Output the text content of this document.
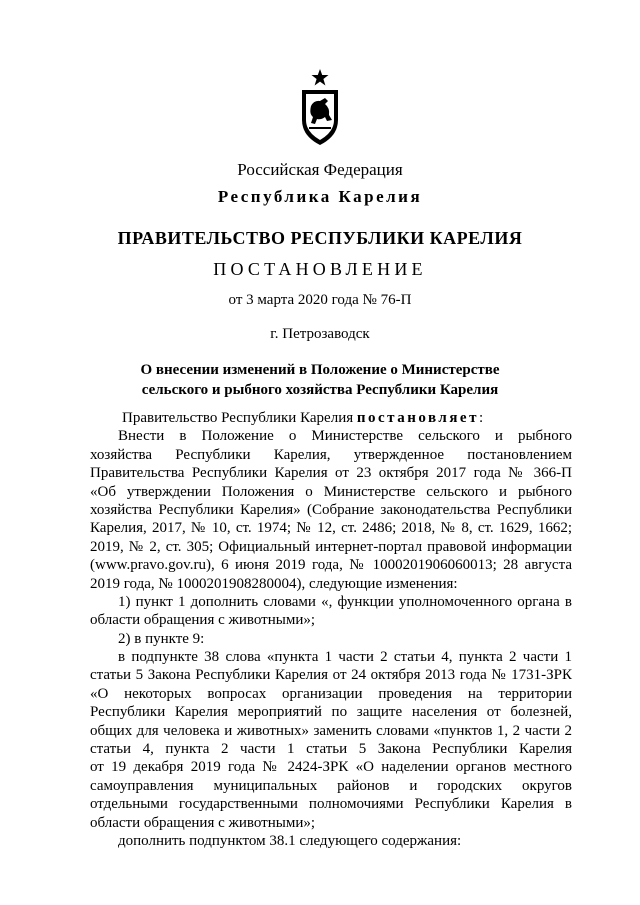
Российская Федерация
Республика Карелия
ПРАВИТЕЛЬСТВО РЕСПУБЛИКИ КАРЕЛИЯ
ПОСТАНОВЛЕНИЕ
от 3 марта 2020 года № 76-П
г. Петрозаводск
О внесении изменений в Положение о Министерстве
сельского и рыбного хозяйства Республики Карелия
Правительство Республики Карелия постановляет:
Внести в Положение о Министерстве сельского и рыбного
хозяйства Республики Карелия, утвержденное постановлением
Правительства Республики Карелия от 23 октября 2017 года № 366-П
«Об утверждении Положения о Министерстве сельского и рыбного
хозяйства Республики Карелия» (Собрание законодательства Республики
Карелия, 2017, № 10, ст. 1974; № 12, ст. 2486; 2018, № 8, ст. 1629, 1662;
2019, № 2, ст. 305; Официальный интернет-портал правовой информации
(www.pravo.gov.ru), 6 июня 2019 года, № 1000201906060013; 28 августа
2019 года, № 1000201908280004), следующие изменения:
1) пункт 1 дополнить словами «, функции уполномоченного органа в
области обращения с животными»;
2) в пункте 9:
в подпункте 38 слова «пункта 1 части 2 статьи 4, пункта 2 части 1
статьи 5 Закона Республики Карелия от 24 октября 2013 года № 1731-ЗРК
«О некоторых вопросах организации проведения на территории
Республики Карелия мероприятий по защите населения от болезней,
общих для человека и животных» заменить словами «пунктов 1, 2 части 2
статьи 4, пункта 2 части 1 статьи 5 Закона Республики Карелия
от 19 декабря 2019 года № 2424-ЗРК «О наделении органов местного
самоуправления муниципальных районов и городских округов
отдельными государственными полномочиями Республики Карелия в
области обращения с животными»;
дополнить подпунктом 38.1 следующего содержания:
